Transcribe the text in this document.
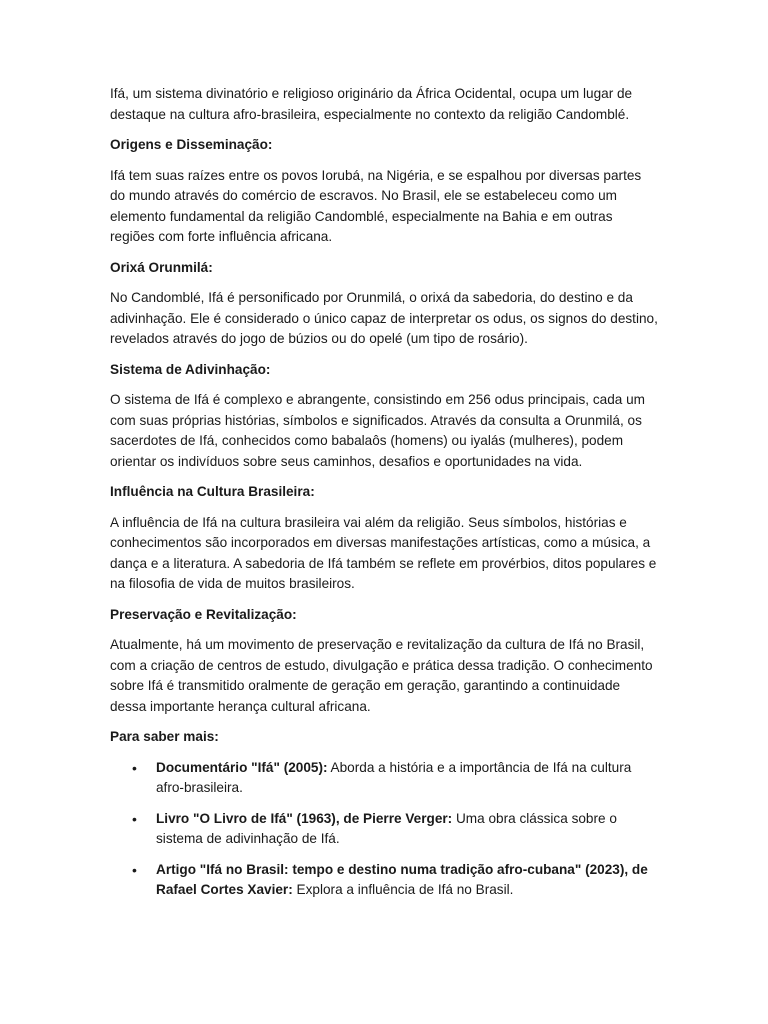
Ifá, um sistema divinatório e religioso originário da África Ocidental, ocupa um lugar de destaque na cultura afro-brasileira, especialmente no contexto da religião Candomblé.

Origens e Disseminação:

Ifá tem suas raízes entre os povos Iorubá, na Nigéria, e se espalhou por diversas partes do mundo através do comércio de escravos. No Brasil, ele se estabeleceu como um elemento fundamental da religião Candomblé, especialmente na Bahia e em outras regiões com forte influência africana.

Orixá Orunmilá:

No Candomblé, Ifá é personificado por Orunmilá, o orixá da sabedoria, do destino e da adivinhação. Ele é considerado o único capaz de interpretar os odus, os signos do destino, revelados através do jogo de búzios ou do opelé (um tipo de rosário).

Sistema de Adivinhação:

O sistema de Ifá é complexo e abrangente, consistindo em 256 odus principais, cada um com suas próprias histórias, símbolos e significados. Através da consulta a Orunmilá, os sacerdotes de Ifá, conhecidos como babalaôs (homens) ou iyalás (mulheres), podem orientar os indivíduos sobre seus caminhos, desafios e oportunidades na vida.

Influência na Cultura Brasileira:

A influência de Ifá na cultura brasileira vai além da religião. Seus símbolos, histórias e conhecimentos são incorporados em diversas manifestações artísticas, como a música, a dança e a literatura. A sabedoria de Ifá também se reflete em provérbios, ditos populares e na filosofia de vida de muitos brasileiros.

Preservação e Revitalização:

Atualmente, há um movimento de preservação e revitalização da cultura de Ifá no Brasil, com a criação de centros de estudo, divulgação e prática dessa tradição. O conhecimento sobre Ifá é transmitido oralmente de geração em geração, garantindo a continuidade dessa importante herança cultural africana.

Para saber mais:
• Documentário "Ifá" (2005): Aborda a história e a importância de Ifá na cultura afro-brasileira.
• Livro "O Livro de Ifá" (1963), de Pierre Verger: Uma obra clássica sobre o sistema de adivinhação de Ifá.
• Artigo "Ifá no Brasil: tempo e destino numa tradição afro-cubana" (2023), de Rafael Cortes Xavier: Explora a influência de Ifá no Brasil.
